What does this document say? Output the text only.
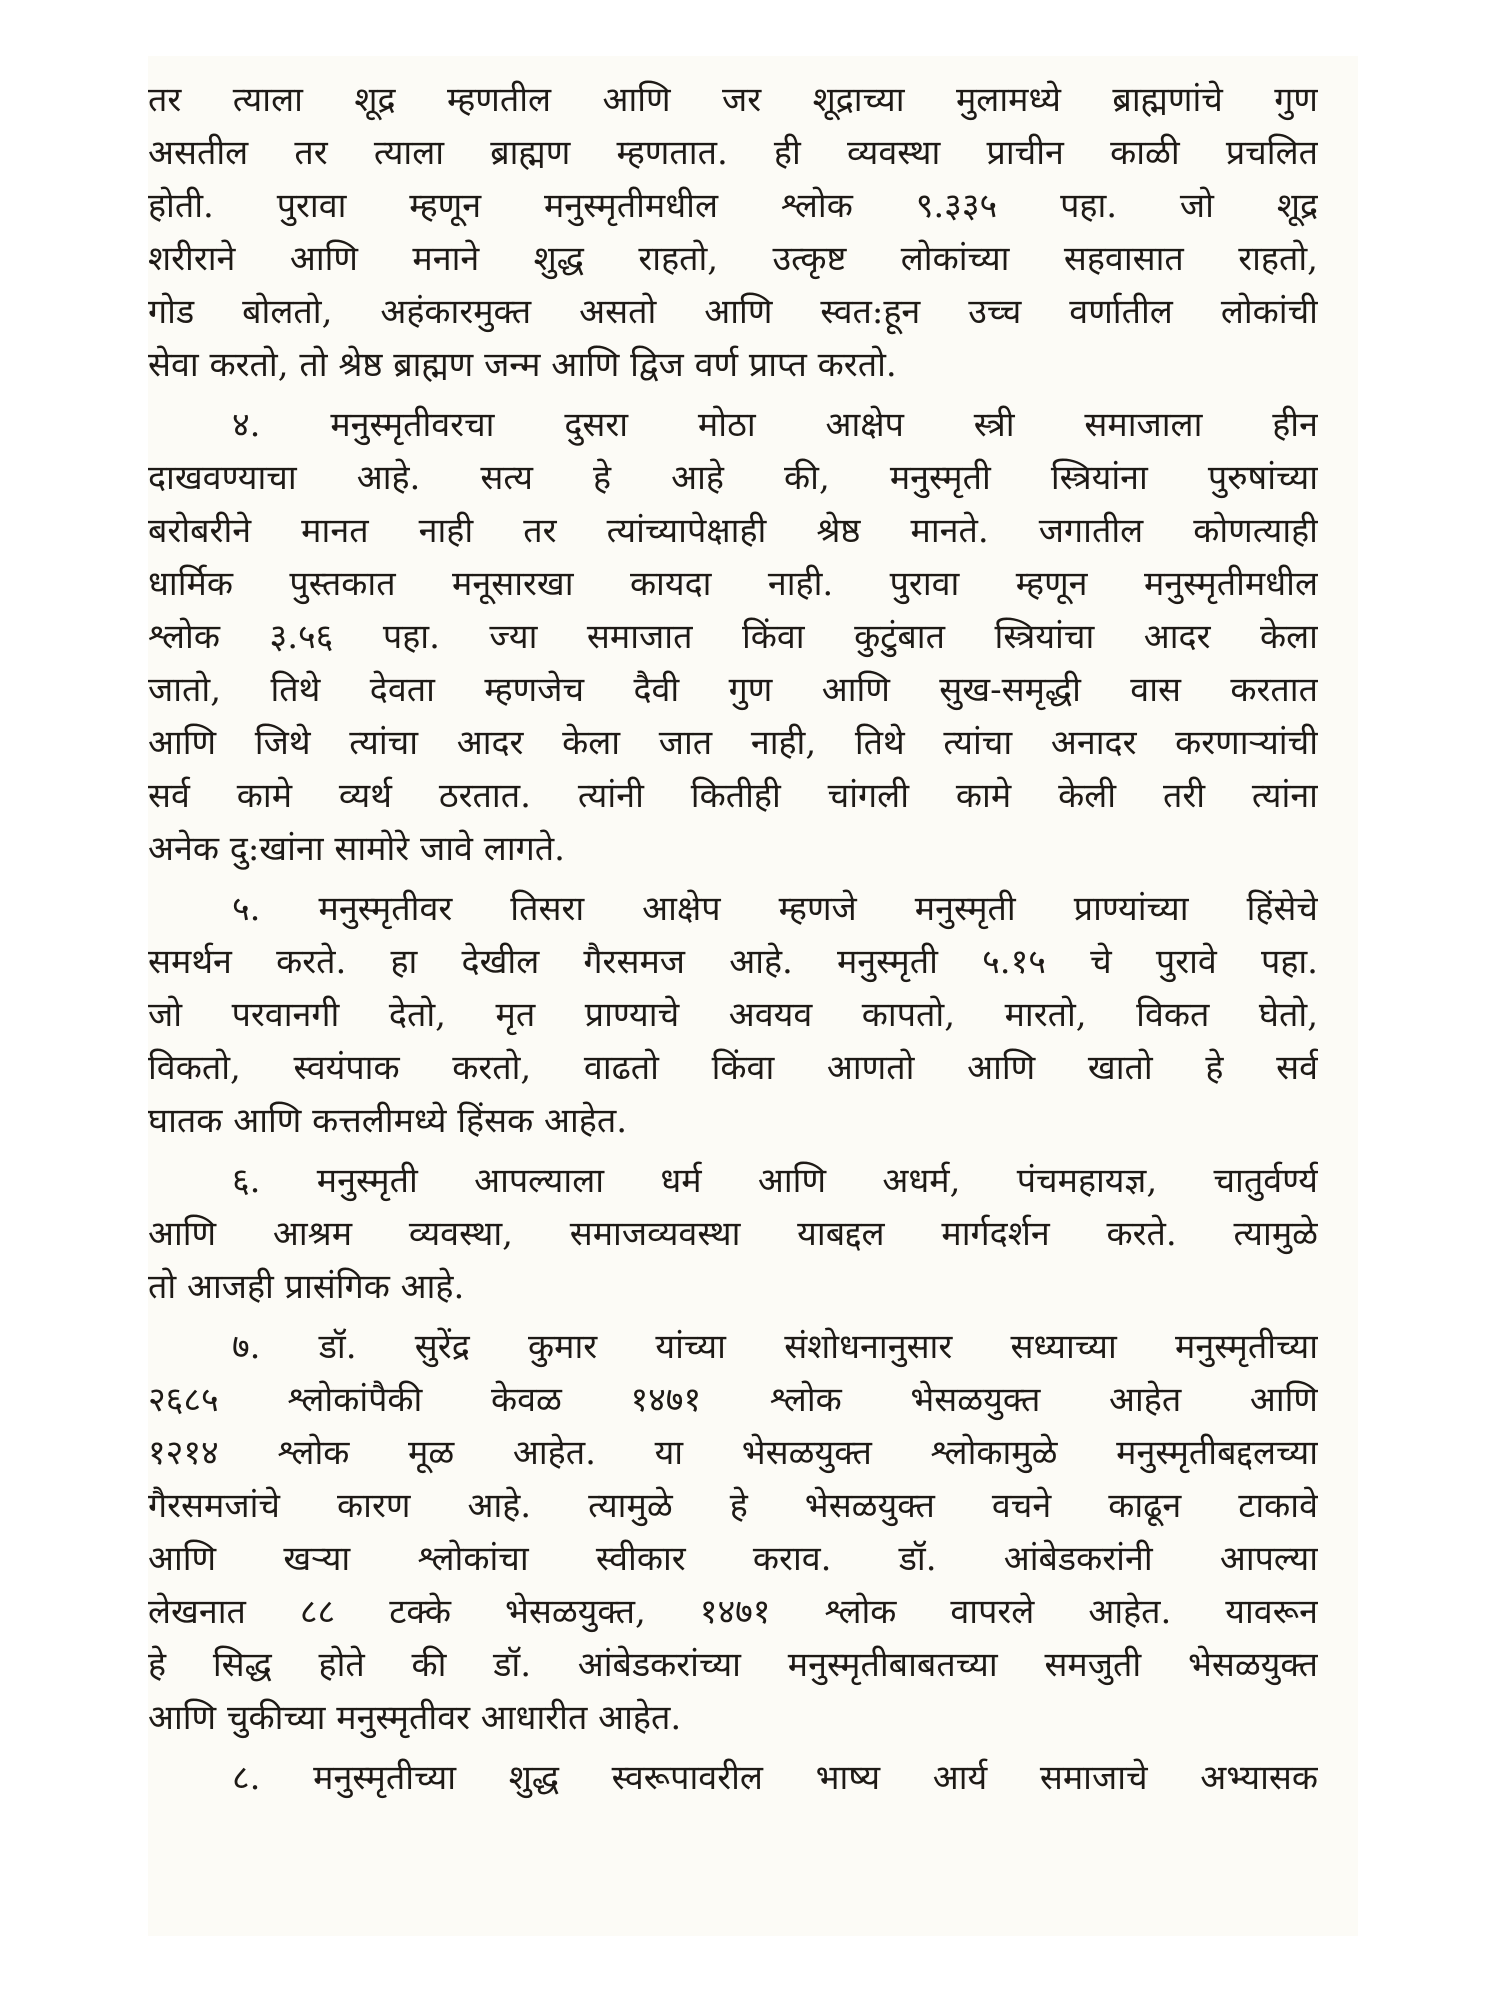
तर त्याला शूद्र म्हणतील आणि जर शूद्राच्या मुलामध्ये ब्राह्मणांचे गुण
असतील तर त्याला ब्राह्मण म्हणतात. ही व्यवस्था प्राचीन काळी प्रचलित
होती. पुरावा म्हणून मनुस्मृतीमधील श्लोक ९.३३५ पहा. जो शूद्र
शरीराने आणि मनाने शुद्ध राहतो, उत्कृष्ट लोकांच्या सहवासात राहतो,
गोड बोलतो, अहंकारमुक्त असतो आणि स्वत:हून उच्च वर्णातील लोकांची
सेवा करतो, तो श्रेष्ठ ब्राह्मण जन्म आणि द्विज वर्ण प्राप्त करतो.

४. मनुस्मृतीवरचा दुसरा मोठा आक्षेप स्त्री समाजाला हीन
दाखवण्याचा आहे. सत्य हे आहे की, मनुस्मृती स्त्रियांना पुरुषांच्या
बरोबरीने मानत नाही तर त्यांच्यापेक्षाही श्रेष्ठ मानते. जगातील कोणत्याही
धार्मिक पुस्तकात मनूसारखा कायदा नाही. पुरावा म्हणून मनुस्मृतीमधील
श्लोक ३.५६ पहा. ज्या समाजात किंवा कुटुंबात स्त्रियांचा आदर केला
जातो, तिथे देवता म्हणजेच दैवी गुण आणि सुख-समृद्धी वास करतात
आणि जिथे त्यांचा आदर केला जात नाही, तिथे त्यांचा अनादर करणाऱ्यांची
सर्व कामे व्यर्थ ठरतात. त्यांनी कितीही चांगली कामे केली तरी त्यांना
अनेक दु:खांना सामोरे जावे लागते.

५. मनुस्मृतीवर तिसरा आक्षेप म्हणजे मनुस्मृती प्राण्यांच्या हिंसेचे
समर्थन करते. हा देखील गैरसमज आहे. मनुस्मृती ५.१५ चे पुरावे पहा.
जो परवानगी देतो, मृत प्राण्याचे अवयव कापतो, मारतो, विकत घेतो,
विकतो, स्वयंपाक करतो, वाढतो किंवा आणतो आणि खातो हे सर्व
घातक आणि कत्तलीमध्ये हिंसक आहेत.

६. मनुस्मृती आपल्याला धर्म आणि अधर्म, पंचमहायज्ञ, चातुर्वर्ण्य
आणि आश्रम व्यवस्था, समाजव्यवस्था याबद्दल मार्गदर्शन करते. त्यामुळे
तो आजही प्रासंगिक आहे.

७. डॉ. सुरेंद्र कुमार यांच्या संशोधनानुसार सध्याच्या मनुस्मृतीच्या
२६८५ श्लोकांपैकी केवळ १४७१ श्लोक भेसळयुक्त आहेत आणि
१२१४ श्लोक मूळ आहेत. या भेसळयुक्त श्लोकामुळे मनुस्मृतीबद्दलच्या
गैरसमजांचे कारण आहे. त्यामुळे हे भेसळयुक्त वचने काढून टाकावे
आणि खऱ्या श्लोकांचा स्वीकार कराव. डॉ. आंबेडकरांनी आपल्या
लेखनात ८८ टक्के भेसळयुक्त, १४७१ श्लोक वापरले आहेत. यावरून
हे सिद्ध होते की डॉ. आंबेडकरांच्या मनुस्मृतीबाबतच्या समजुती भेसळयुक्त
आणि चुकीच्या मनुस्मृतीवर आधारीत आहेत.

८. मनुस्मृतीच्या शुद्ध स्वरूपावरील भाष्य आर्य समाजाचे अभ्यासक
